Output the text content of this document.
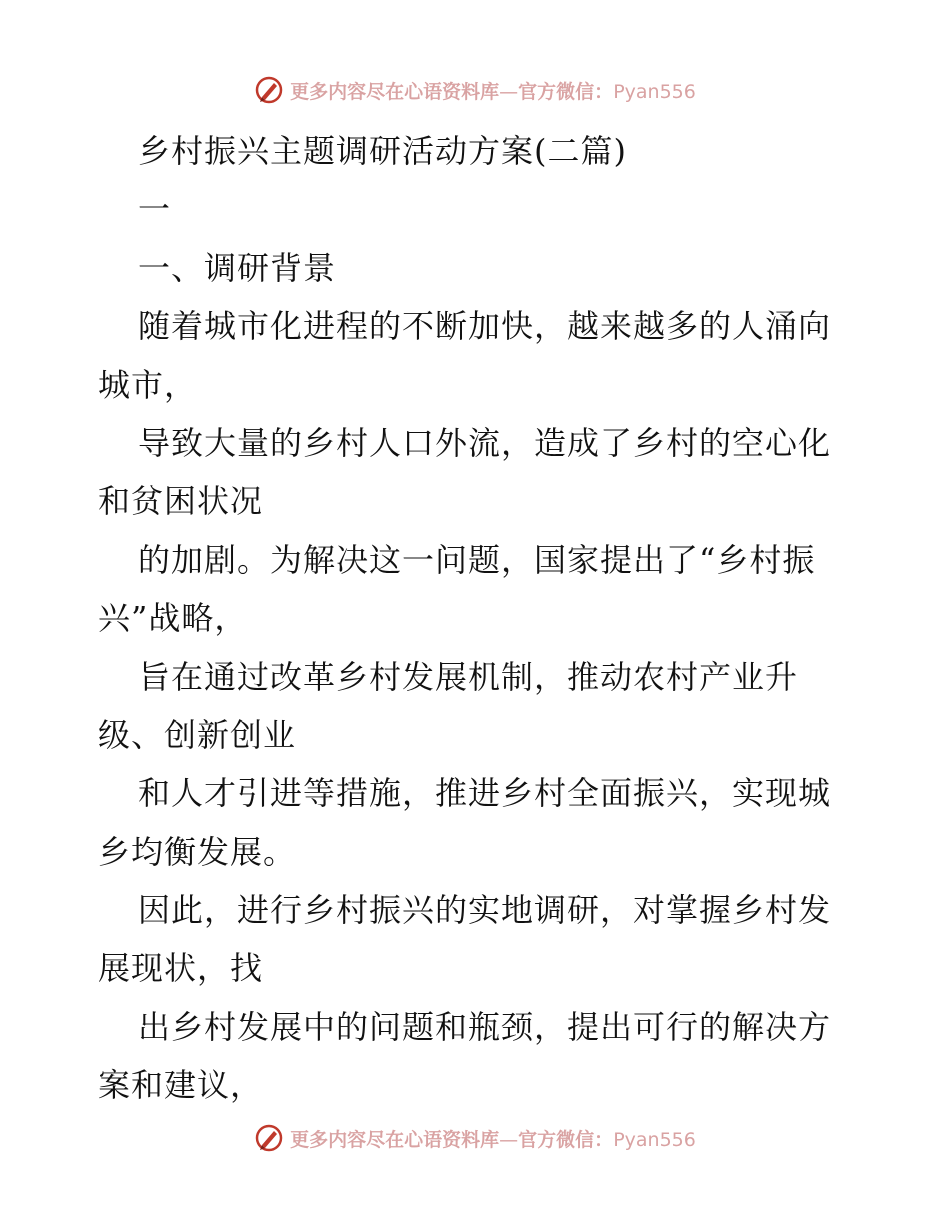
更多内容尽在心语资料库—官方微信：Pyan556
乡村振兴主题调研活动方案(二篇)
一
一、调研背景
随着城市化进程的不断加快，越来越多的人涌向
城市，
导致大量的乡村人口外流，造成了乡村的空心化
和贫困状况
的加剧。为解决这一问题，国家提出了“乡村振
兴”战略，
旨在通过改革乡村发展机制，推动农村产业升
级、创新创业
和人才引进等措施，推进乡村全面振兴，实现城
乡均衡发展。
因此，进行乡村振兴的实地调研，对掌握乡村发
展现状，找
出乡村发展中的问题和瓶颈，提出可行的解决方
案和建议，
更多内容尽在心语资料库—官方微信：Pyan556
